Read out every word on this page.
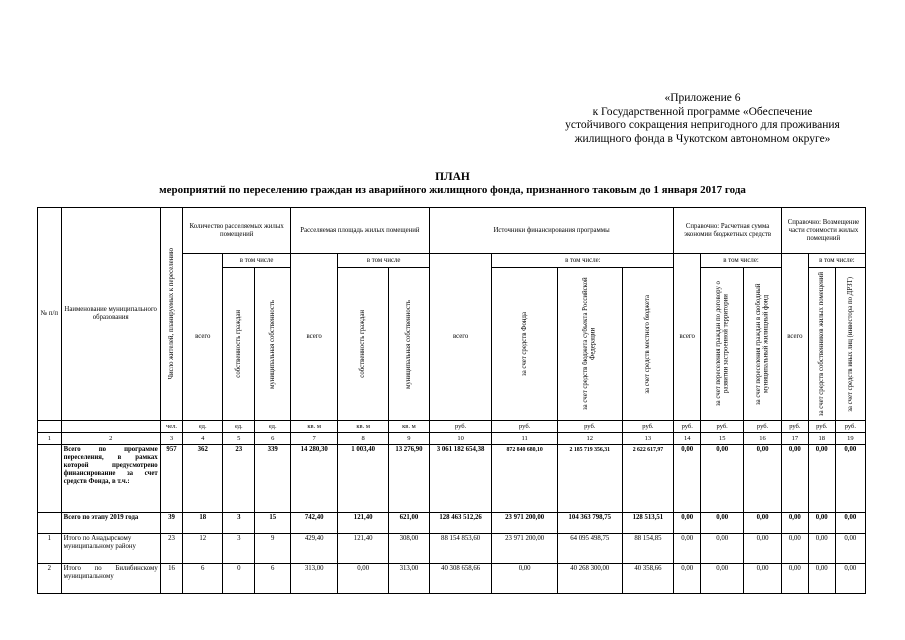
«Приложение 6
к Государственной программе «Обеспечение
устойчивого сокращения непригодного для проживания
жилищного фонда в Чукотском автономном округе»
ПЛАН
мероприятий по переселению граждан из аварийного жилищного фонда, признанного таковым до 1 января 2017 года
№ п/п	Наименование муниципального образования	Число жителей, планируемых к переселению	Количество расселяемых жилых помещений			Расселяемая площадь жилых помещений			Источники финансирования программы				Справочно: Расчетная сумма экономии бюджетных средств			Справочно: Возмещение части стоимости жилых помещений		
			всего	в том числе		всего	в том числе		всего	в том числе:			всего	в том числе:		всего	в том числе:	

				собственность граждан	муниципальная собственность		собственность граждан	муниципальная собственность		за счет средств Фонда	за счет средств бюджета субъекта Российской Федерации	за счет средств местного бюджета		за счет переселения граждан по договору о развитии застроенной территории	за счет переселения граждан в свободный муниципальный жилищный фонд		за счет средств собственников жилых помещений	за счет средств иных лиц (инвестора по ДРЗТ)

		чел.	ед.	ед.	ед.	кв. м	кв. м	кв. м	руб.	руб.	руб.	руб.	руб.	руб.	руб.	руб.	руб.	руб.
1	2	3	4	5	6	7	8	9	10	11	12	13	14	15	16	17	18	19
	Всего по программе переселения, в рамках которой предусмотрено финансирование за счет средств Фонда, в т.ч.:	957	362	23	339	14 280,30	1 003,40	13 276,90	3 061 182 654,38	872 840 680,10	2 185 719 356,31	2 622 617,97	0,00	0,00	0,00	0,00	0,00	0,00
	Всего по этапу 2019 года	39	18	3	15	742,40	121,40	621,00	128 463 512,26	23 971 200,00	104 363 798,75	128 513,51	0,00	0,00	0,00	0,00	0,00	0,00
1	Итого по Анадырскому муниципальному району	23	12	3	9	429,40	121,40	308,00	88 154 853,60	23 971 200,00	64 095 498,75	88 154,85	0,00	0,00	0,00	0,00	0,00	0,00
2	Итого по Билибинскому муниципальному	16	6	0	6	313,00	0,00	313,00	40 308 658,66	0,00	40 268 300,00	40 358,66	0,00	0,00	0,00	0,00	0,00	0,00
